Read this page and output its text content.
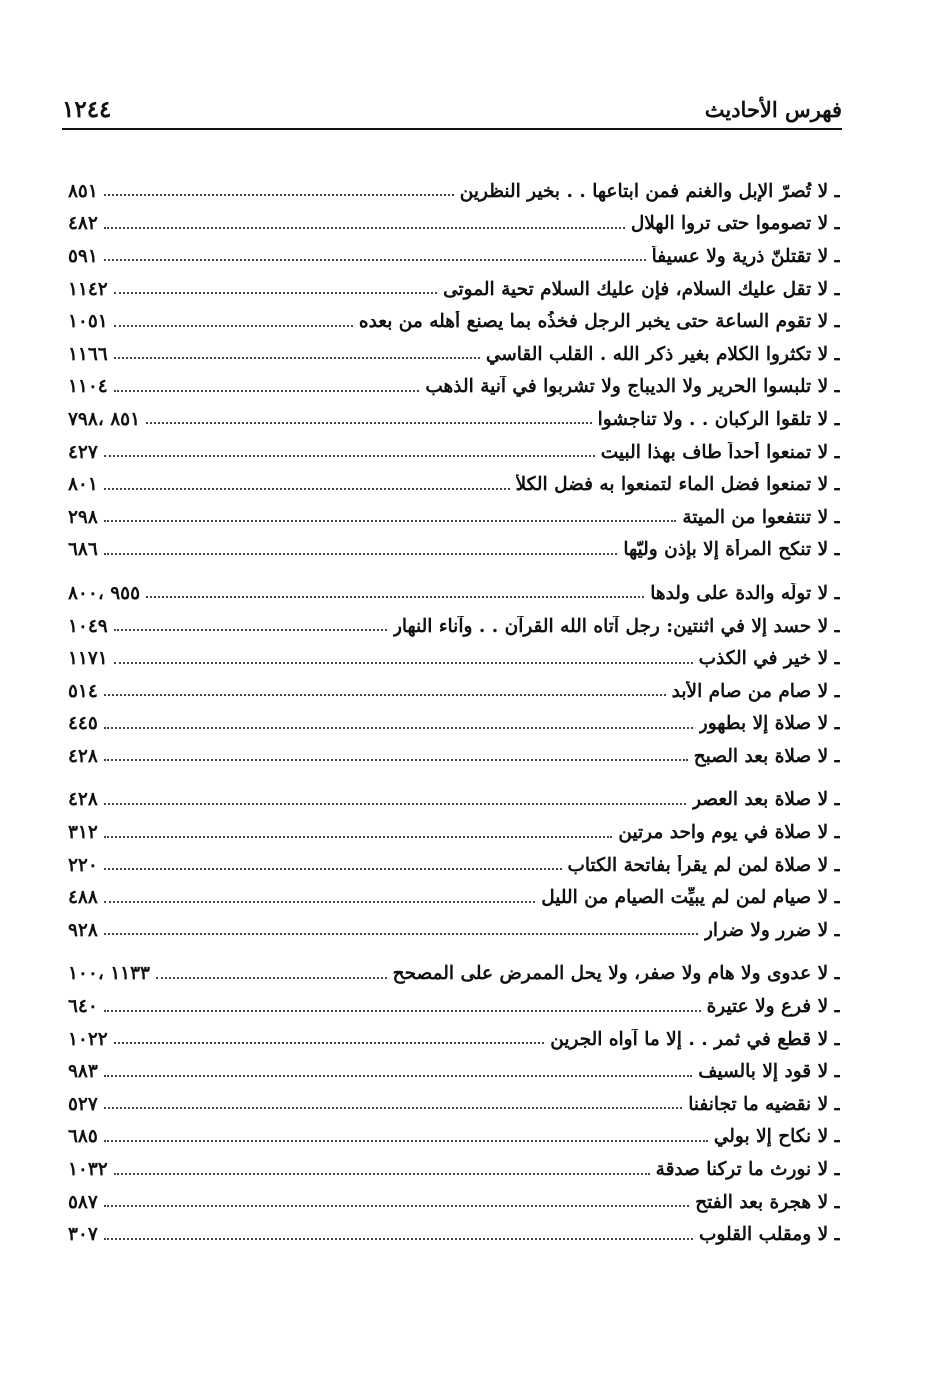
فهرس الأحاديث
١٢٤٤
ـ لا تُصرّ الإبل والغنم فمن ابتاعها . . بخير النظرين
٨٥١
ـ لا تصوموا حتى تروا الهلال
٤٨٢
ـ لا تقتلنّ ذرية ولا عسيفاً
٥٩١
ـ لا تقل عليك السلام، فإن عليك السلام تحية الموتى
١١٤٢
ـ لا تقوم الساعة حتى يخبر الرجل فخذُه بما يصنع أهله من بعده
١٠٥١
ـ لا تكثروا الكلام بغير ذكر الله . القلب القاسي
١١٦٦
ـ لا تلبسوا الحرير ولا الديباج ولا تشربوا في آنية الذهب
١١٠٤
ـ لا تلقوا الركبان . . ولا تناجشوا
٨٥١ ،٧٩٨
ـ لا تمنعوا أحداً طاف بهذا البيت
٤٢٧
ـ لا تمنعوا فضل الماء لتمنعوا به فضل الكلأ
٨٠١
ـ لا تنتفعوا من الميتة
٢٩٨
ـ لا تنكح المرأة إلا بإذن وليّها
٦٨٦
ـ لا تولّه والدة على ولدها
٩٥٥ ،٨٠٠
ـ لا حسد إلا في اثنتين: رجل آتاه الله القرآن . . وآناء النهار
١٠٤٩
ـ لا خير في الكذب
١١٧١
ـ لا صام من صام الأبد
٥١٤
ـ لا صلاة إلا بطهور
٤٤٥
ـ لا صلاة بعد الصبح
٤٢٨
ـ لا صلاة بعد العصر
٤٢٨
ـ لا صلاة في يوم واحد مرتين
٣١٢
ـ لا صلاة لمن لم يقرأ بفاتحة الكتاب
٢٢٠
ـ لا صيام لمن لم يبيِّت الصيام من الليل
٤٨٨
ـ لا ضرر ولا ضرار
٩٢٨
ـ لا عدوى ولا هام ولا صفر، ولا يحل الممرض على المصحح
١١٣٣ ،١٠٠
ـ لا فرع ولا عتيرة
٦٤٠
ـ لا قطع في ثمر . . إلا ما آواه الجرين
١٠٢٢
ـ لا قود إلا بالسيف
٩٨٣
ـ لا نقضيه ما تجانفنا
٥٢٧
ـ لا نكاح إلا بولي
٦٨٥
ـ لا نورث ما تركنا صدقة
١٠٣٢
ـ لا هجرة بعد الفتح
٥٨٧
ـ لا ومقلب القلوب
٣٠٧
